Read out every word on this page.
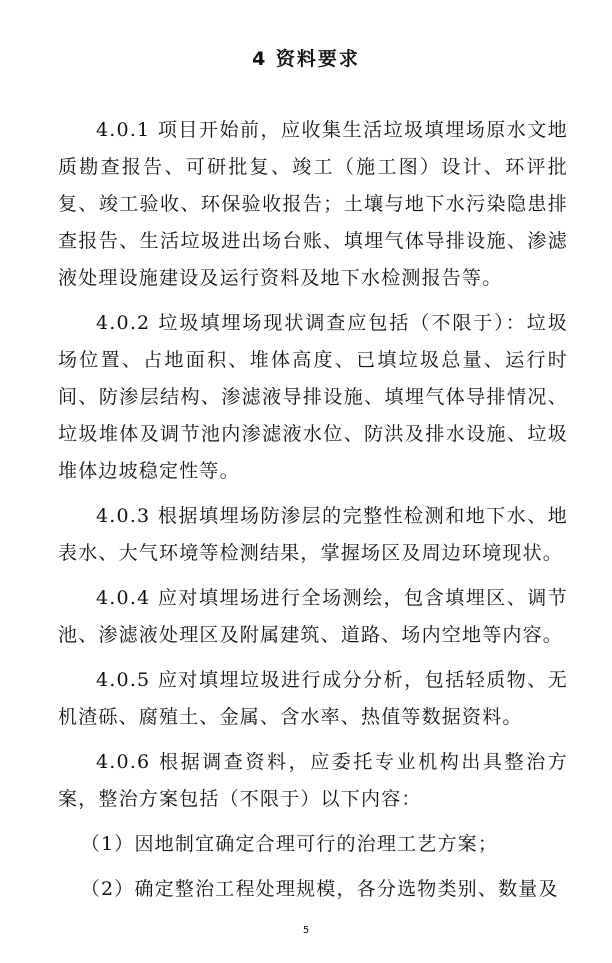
4 资料要求

4.0.1 项目开始前，应收集生活垃圾填埋场原水文地质勘查报告、可研批复、竣工（施工图）设计、环评批复、竣工验收、环保验收报告；土壤与地下水污染隐患排查报告、生活垃圾进出场台账、填埋气体导排设施、渗滤液处理设施建设及运行资料及地下水检测报告等。

4.0.2 垃圾填埋场现状调查应包括（不限于）：垃圾场位置、占地面积、堆体高度、已填垃圾总量、运行时间、防渗层结构、渗滤液导排设施、填埋气体导排情况、垃圾堆体及调节池内渗滤液水位、防洪及排水设施、垃圾堆体边坡稳定性等。

4.0.3 根据填埋场防渗层的完整性检测和地下水、地表水、大气环境等检测结果，掌握场区及周边环境现状。

4.0.4 应对填埋场进行全场测绘，包含填埋区、调节池、渗滤液处理区及附属建筑、道路、场内空地等内容。

4.0.5 应对填埋垃圾进行成分分析，包括轻质物、无机渣砾、腐殖土、金属、含水率、热值等数据资料。

4.0.6 根据调查资料，应委托专业机构出具整治方案，整治方案包括（不限于）以下内容：

（1）因地制宜确定合理可行的治理工艺方案；

（2）确定整治工程处理规模，各分选物类别、数量及

5
